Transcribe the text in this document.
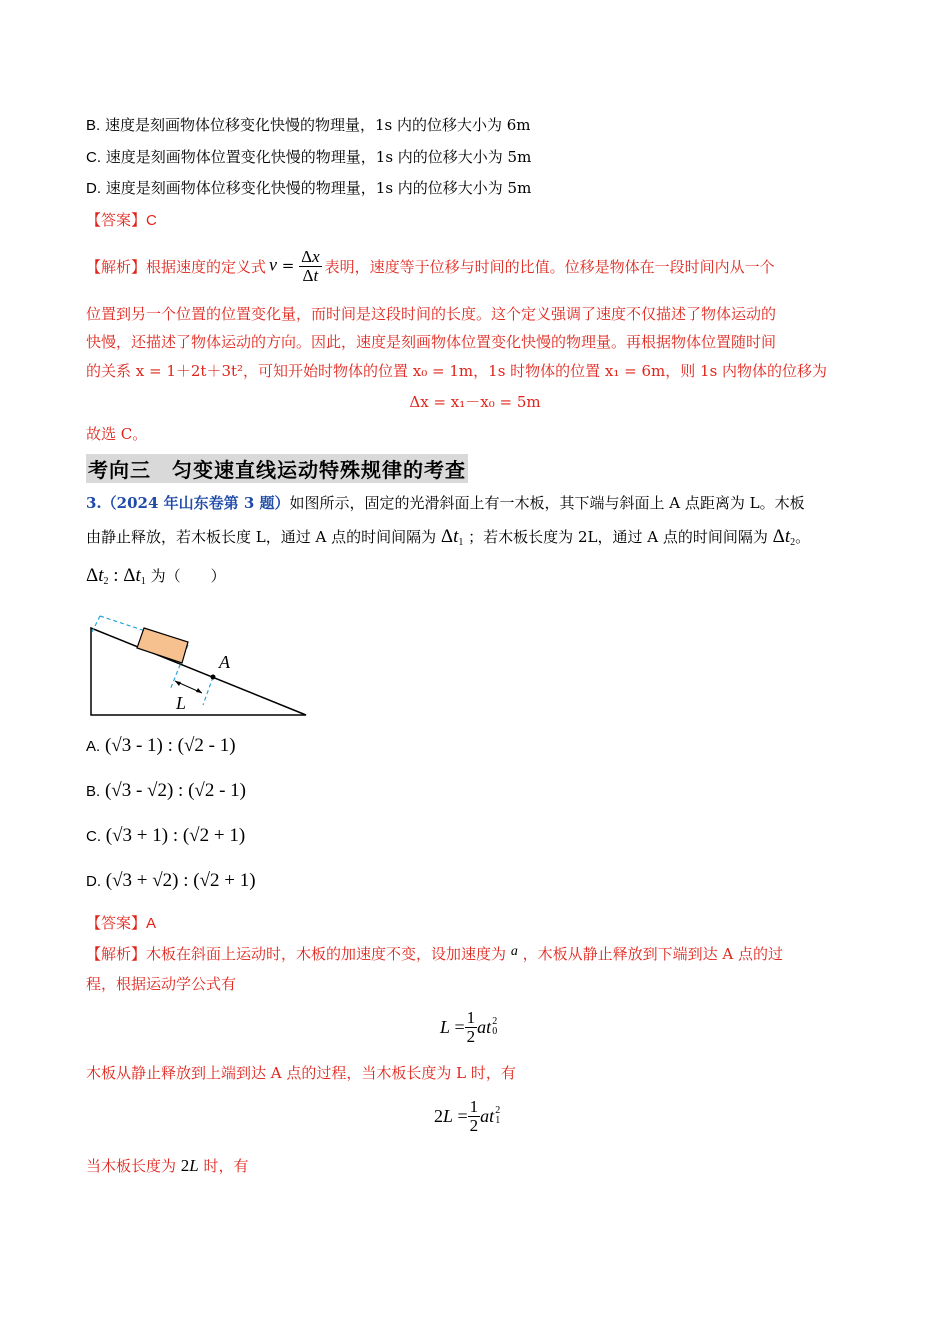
B. 速度是刻画物体位移变化快慢的物理量，1s 内的位移大小为 6m
C. 速度是刻画物体位置变化快慢的物理量，1s 内的位移大小为 5m
D. 速度是刻画物体位移变化快慢的物理量，1s 内的位移大小为 5m
【答案】C
【解析】 根据速度的定义式 $v = \frac{\Delta x}{\Delta t}$ 表明，速度等于位移与时间的比值。位移是物体在一段时间内从一个
位置到另一个位置的位置变化量，而时间是这段时间的长度。这个定义强调了速度不仅描述了物体运动的
快慢，还描述了物体运动的方向。因此，速度是刻画物体位置变化快慢的物理量。再根据物体位置随时间
的关系 x = 1＋2t＋3t²，可知开始时物体的位置 x₀ = 1m，1s 时物体的位置 x₁ = 6m，则 1s 内物体的位移为
Δx = x₁－x₀ = 5m
故选 C。
考向三　匀变速直线运动特殊规律的考查
3.（2024 年山东卷第 3 题）如图所示，固定的光滑斜面上有一木板，其下端与斜面上 A 点距离为 L。木板
由静止释放，若木板长度 L，通过 A 点的时间间隔为 $\Delta t_1$ ；若木板长度为 2L，通过 A 点的时间间隔为 $\Delta t_2$。
$\Delta t_2$ : $\Delta t_1$ 为（　　）
A
L
A. (√3 - 1) : (√2 - 1)
B. (√3 - √2) : (√2 - 1)
C. (√3 + 1) : (√2 + 1)
D. (√3 + √2) : (√2 + 1)
【答案】A
【解析】木板在斜面上运动时，木板的加速度不变，设加速度为 a ，木板从静止释放到下端到达 A 点的过
程，根据运动学公式有
$L = \frac{1}{2}$ at 2
0
木板从静止释放到上端到达 A 点的过程，当木板长度为 L 时，有
2 $L = \frac{1}{2}$ at 2
1
当木板长度为 2L 时，有
